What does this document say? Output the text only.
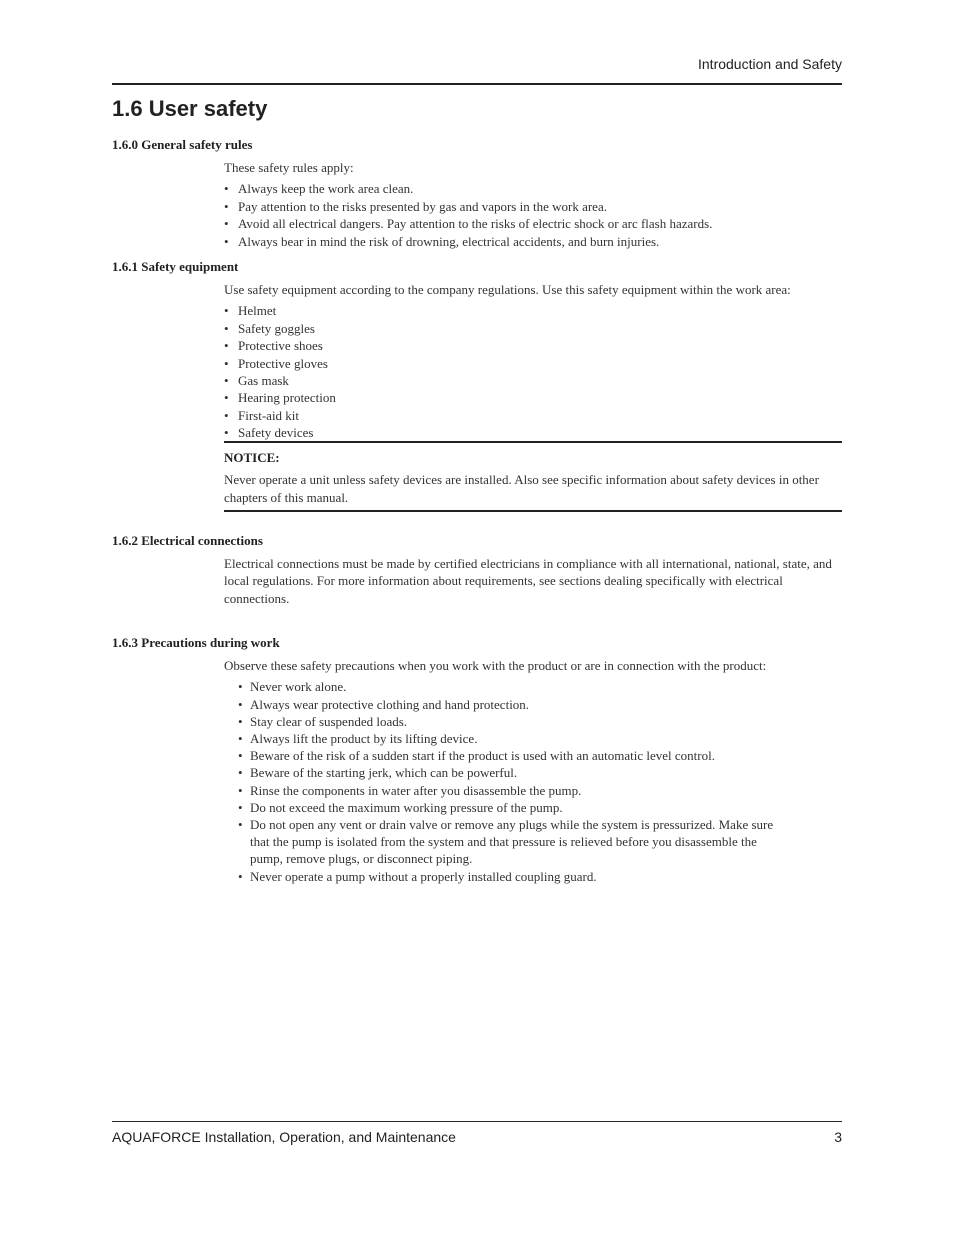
Introduction and Safety
1.6 User safety
1.6.0 General safety rules

These safety rules apply:

• Always keep the work area clean.
• Pay attention to the risks presented by gas and vapors in the work area.
• Avoid all electrical dangers. Pay attention to the risks of electric shock or arc flash hazards.
• Always bear in mind the risk of drowning, electrical accidents, and burn injuries.
1.6.1 Safety equipment

Use safety equipment according to the company regulations. Use this safety equipment within the work area:

• Helmet
• Safety goggles
• Protective shoes
• Protective gloves
• Gas mask
• Hearing protection
• First-aid kit
• Safety devices
NOTICE:
Never operate a unit unless safety devices are installed. Also see specific information about safety devices in other chapters of this manual.
1.6.2 Electrical connections

Electrical connections must be made by certified electricians in compliance with all international, national, state, and local regulations. For more information about requirements, see sections dealing specifically with electrical connections.

1.6.3 Precautions during work

Observe these safety precautions when you work with the product or are in connection with the product:

• Never work alone.
• Always wear protective clothing and hand protection.
• Stay clear of suspended loads.
• Always lift the product by its lifting device.
• Beware of the risk of a sudden start if the product is used with an automatic level control.
• Beware of the starting jerk, which can be powerful.
• Rinse the components in water after you disassemble the pump.
• Do not exceed the maximum working pressure of the pump.
• Do not open any vent or drain valve or remove any plugs while the system is pressurized. Make sure that the pump is isolated from the system and that pressure is relieved before you disassemble the pump, remove plugs, or disconnect piping.
• Never operate a pump without a properly installed coupling guard.
AQUAFORCE Installation, Operation, and Maintenance	3
